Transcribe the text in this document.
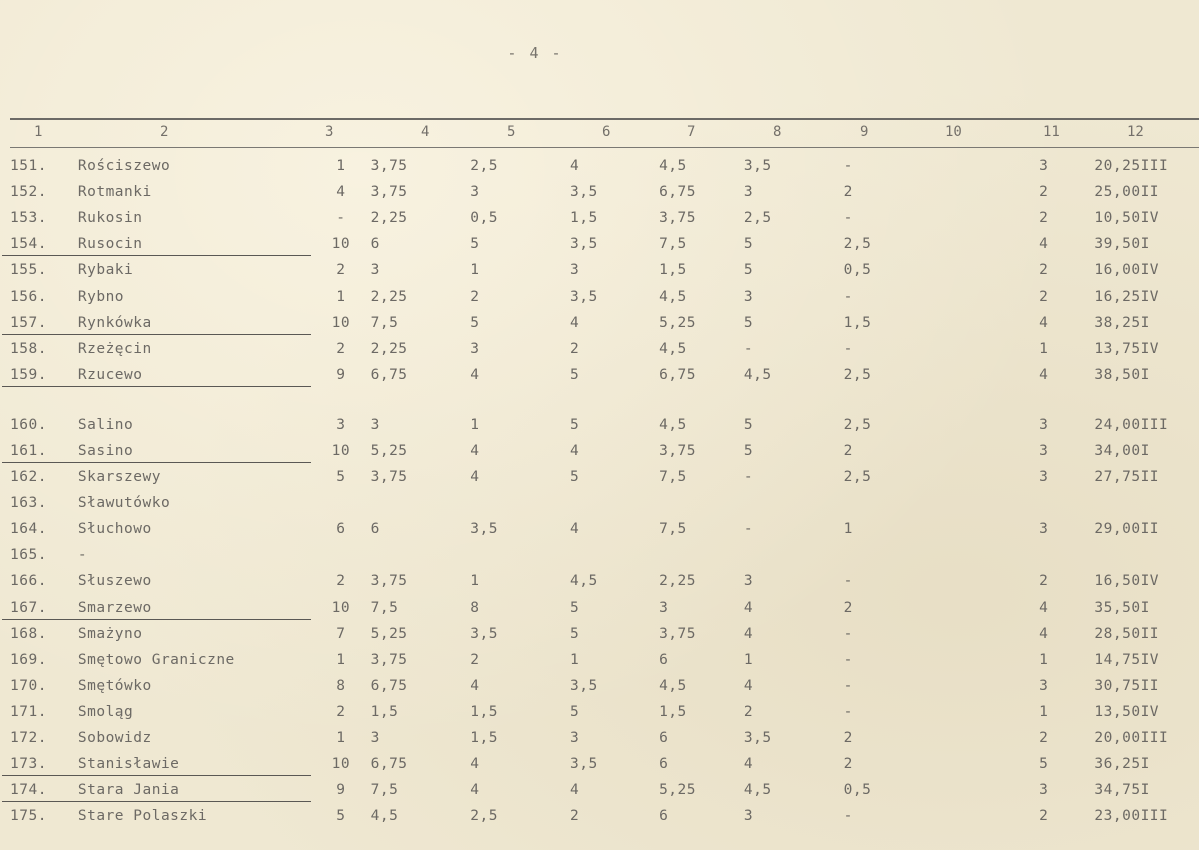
- 4 -
1	2	3	4	5	6	7	8	9	10	11	12
151.	Rościszewo	1	3,75	2,5	4	4,5	3,5	-	3	20,25	III
152.	Rotmanki	4	3,75	3	3,5	6,75	3	2	2	25,00	II
153.	Rukosin	-	2,25	0,5	1,5	3,75	2,5	-	2	10,50	IV
154.	Rusocin	10	6	5	3,5	7,5	5	2,5	4	39,50	I
155.	Rybaki	2	3	1	3	1,5	5	0,5	2	16,00	IV
156.	Rybno	1	2,25	2	3,5	4,5	3	-	2	16,25	IV
157.	Rynkówka	10	7,5	5	4	5,25	5	1,5	4	38,25	I
158.	Rzeżęcin	2	2,25	3	2	4,5	-	-	1	13,75	IV
159.	Rzucewo	9	6,75	4	5	6,75	4,5	2,5	4	38,50	I

160.	Salino	3	3	1	5	4,5	5	2,5	3	24,00	III
161.	Sasino	10	5,25	4	4	3,75	5	2	3	34,00	I
162.	Skarszewy	5	3,75	4	5	7,5	-	2,5	3	27,75	II
163.	Sławutówko										
164.	Słuchowo	6	6	3,5	4	7,5	-	1	3	29,00	II
165.	-										
166.	Słuszewo	2	3,75	1	4,5	2,25	3	-	2	16,50	IV
167.	Smarzewo	10	7,5	8	5	3	4	2	4	35,50	I
168.	Smażyno	7	5,25	3,5	5	3,75	4	-	4	28,50	II
169.	Smętowo Graniczne	1	3,75	2	1	6	1	-	1	14,75	IV
170.	Smętówko	8	6,75	4	3,5	4,5	4	-	3	30,75	II
171.	Smoląg	2	1,5	1,5	5	1,5	2	-	1	13,50	IV
172.	Sobowidz	1	3	1,5	3	6	3,5	2	2	20,00	III
173.	Stanisławie	10	6,75	4	3,5	6	4	2	5	36,25	I
174.	Stara Jania	9	7,5	4	4	5,25	4,5	0,5	3	34,75	I
175.	Stare Polaszki	5	4,5	2,5	2	6	3	-	2	23,00	III
